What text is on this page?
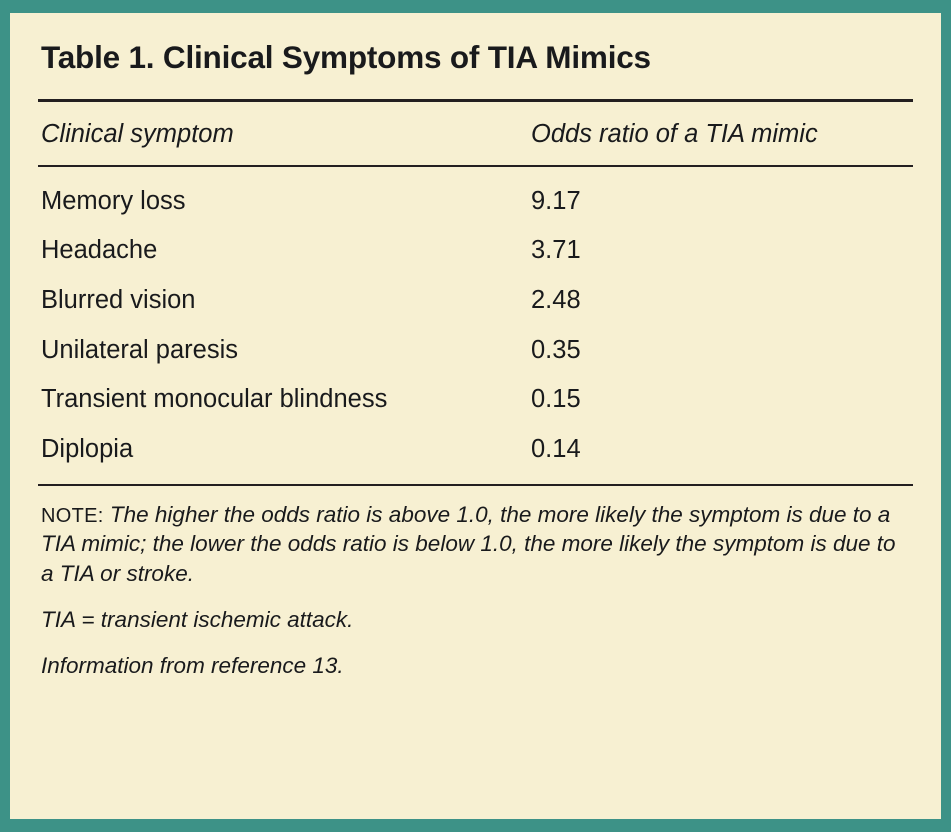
Table 1. Clinical Symptoms of TIA Mimics
Clinical symptom	Odds ratio of a TIA mimic
Memory loss	9.17
Headache	3.71
Blurred vision	2.48
Unilateral paresis	0.35
Transient monocular blindness	0.15
Diplopia	0.14

NOTE: The higher the odds ratio is above 1.0, the more likely the symptom is due to a TIA mimic; the lower the odds ratio is below 1.0, the more likely the symptom is due to a TIA or stroke.

TIA = transient ischemic attack.

Information from reference 13.
